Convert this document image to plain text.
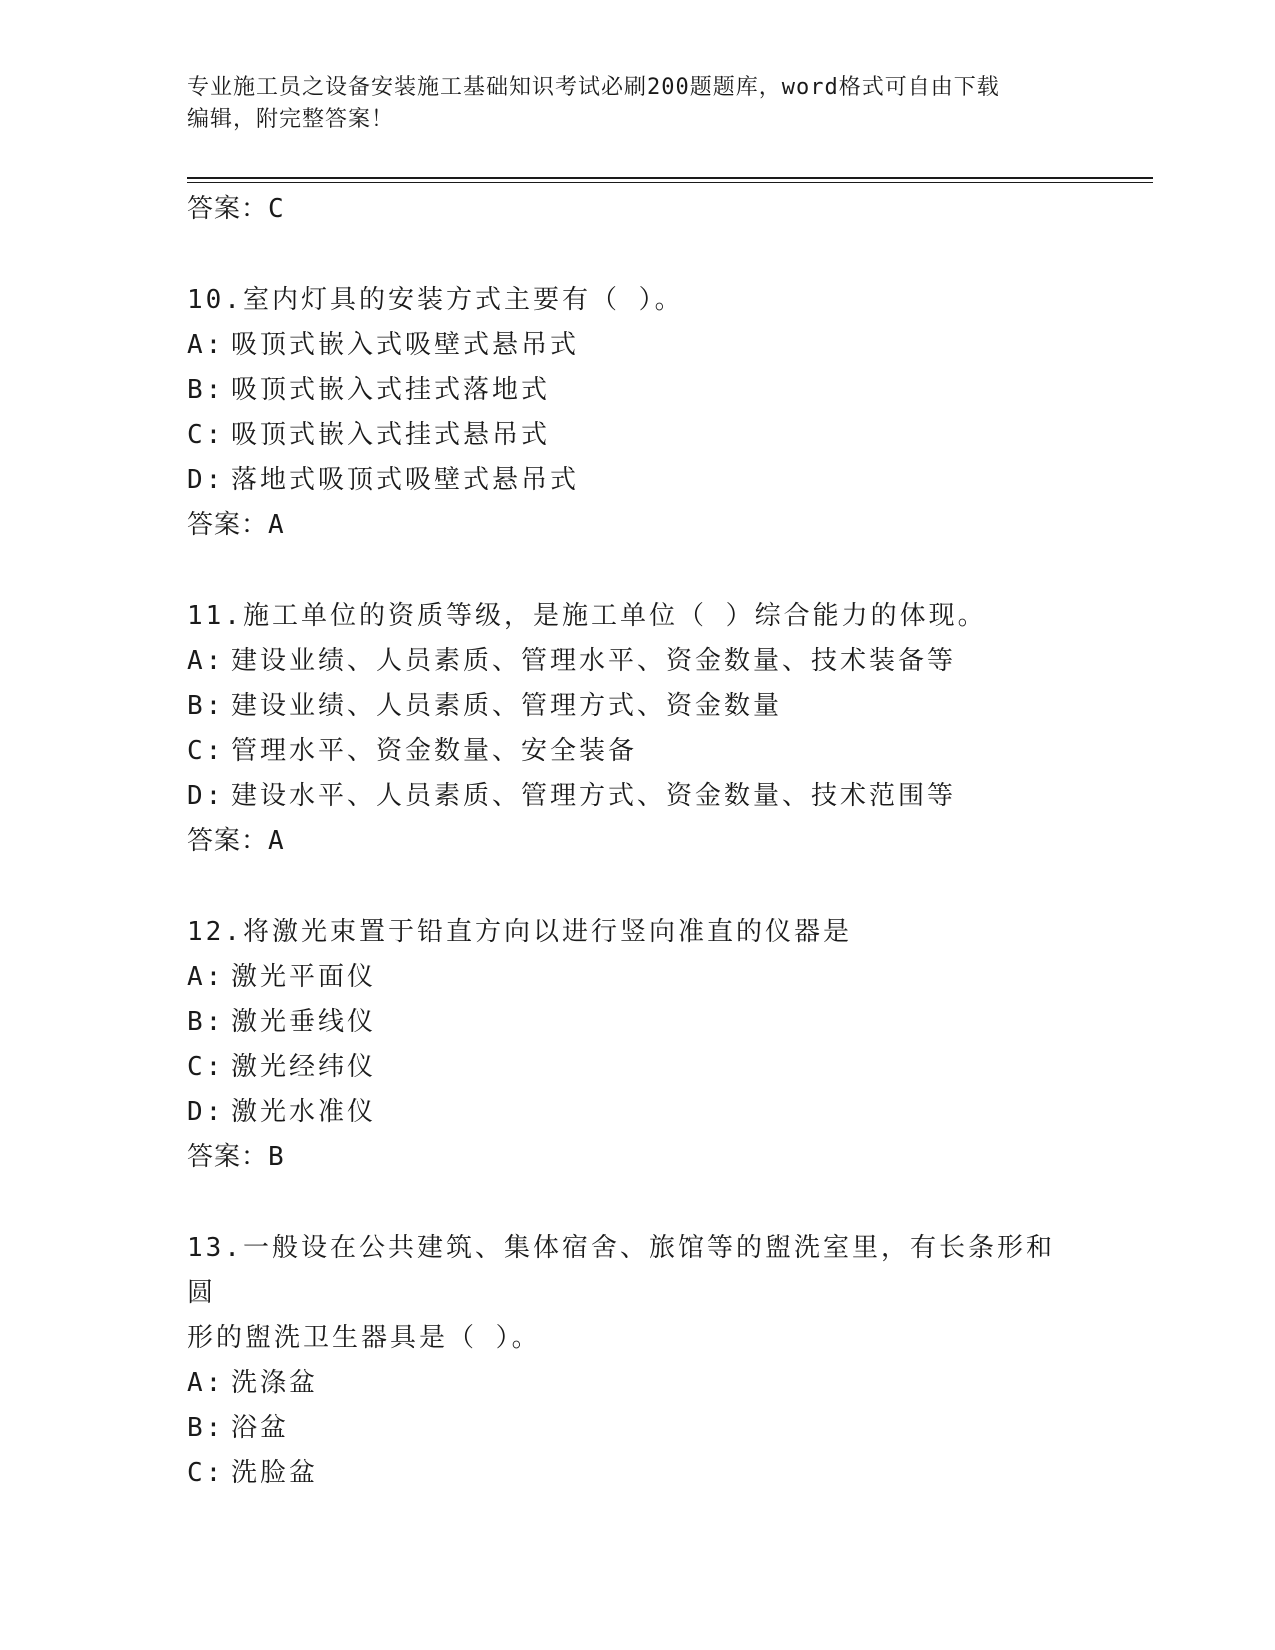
专业施工员之设备安装施工基础知识考试必刷200题题库，word格式可自由下载
编辑，附完整答案！
答案：C
10.室内灯具的安装方式主要有（ ）。
A: 吸顶式嵌入式吸壁式悬吊式
B: 吸顶式嵌入式挂式落地式
C: 吸顶式嵌入式挂式悬吊式
D: 落地式吸顶式吸壁式悬吊式
答案：A
11.施工单位的资质等级，是施工单位（ ）综合能力的体现。
A: 建设业绩、人员素质、管理水平、资金数量、技术装备等
B: 建设业绩、人员素质、管理方式、资金数量
C: 管理水平、资金数量、安全装备
D: 建设水平、人员素质、管理方式、资金数量、技术范围等
答案：A
12.将激光束置于铅直方向以进行竖向准直的仪器是
A: 激光平面仪
B: 激光垂线仪
C: 激光经纬仪
D: 激光水准仪
答案：B
13.一般设在公共建筑、集体宿舍、旅馆等的盥洗室里，有长条形和圆
形的盥洗卫生器具是（ ）。
A: 洗涤盆
B: 浴盆
C: 洗脸盆
